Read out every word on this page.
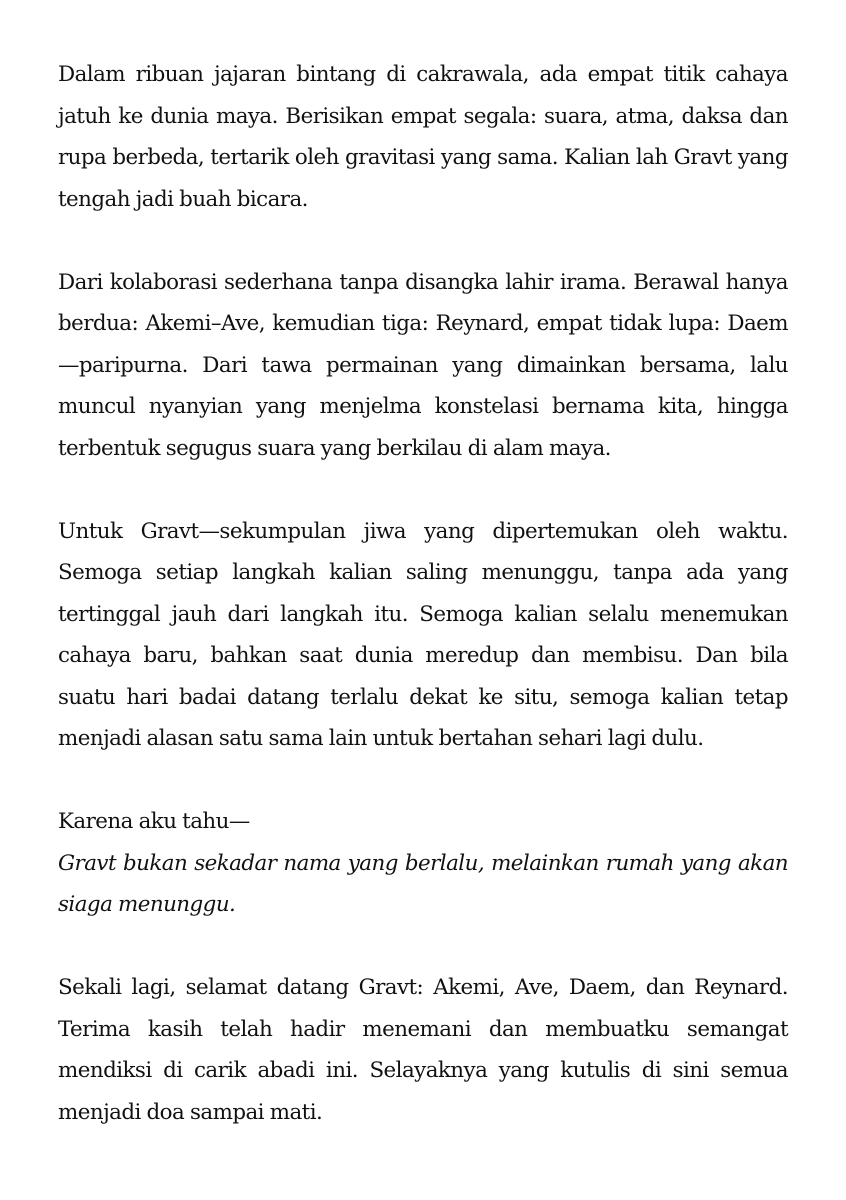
Dalam ribuan jajaran bintang di cakrawala, ada empat titik cahaya jatuh ke dunia maya. Berisikan empat segala: suara, atma, daksa dan rupa berbeda, tertarik oleh gravitasi yang sama. Kalian lah Gravt yang tengah jadi buah bicara.

Dari kolaborasi sederhana tanpa disangka lahir irama. Berawal hanya berdua: Akemi–Ave, kemudian tiga: Reynard, empat tidak lupa: Daem—paripurna. Dari tawa permainan yang dimainkan bersama, lalu muncul nyanyian yang menjelma konstelasi bernama kita, hingga terbentuk segugus suara yang berkilau di alam maya.

Untuk Gravt—sekumpulan jiwa yang dipertemukan oleh waktu. Semoga setiap langkah kalian saling menunggu, tanpa ada yang tertinggal jauh dari langkah itu. Semoga kalian selalu menemukan cahaya baru, bahkan saat dunia meredup dan membisu. Dan bila suatu hari badai datang terlalu dekat ke situ, semoga kalian tetap menjadi alasan satu sama lain untuk bertahan sehari lagi dulu.

Karena aku tahu—
Gravt bukan sekadar nama yang berlalu, melainkan rumah yang akan siaga menunggu.

Sekali lagi, selamat datang Gravt: Akemi, Ave, Daem, dan Reynard. Terima kasih telah hadir menemani dan membuatku semangat mendiksi di carik abadi ini. Selayaknya yang kutulis di sini semua menjadi doa sampai mati.
